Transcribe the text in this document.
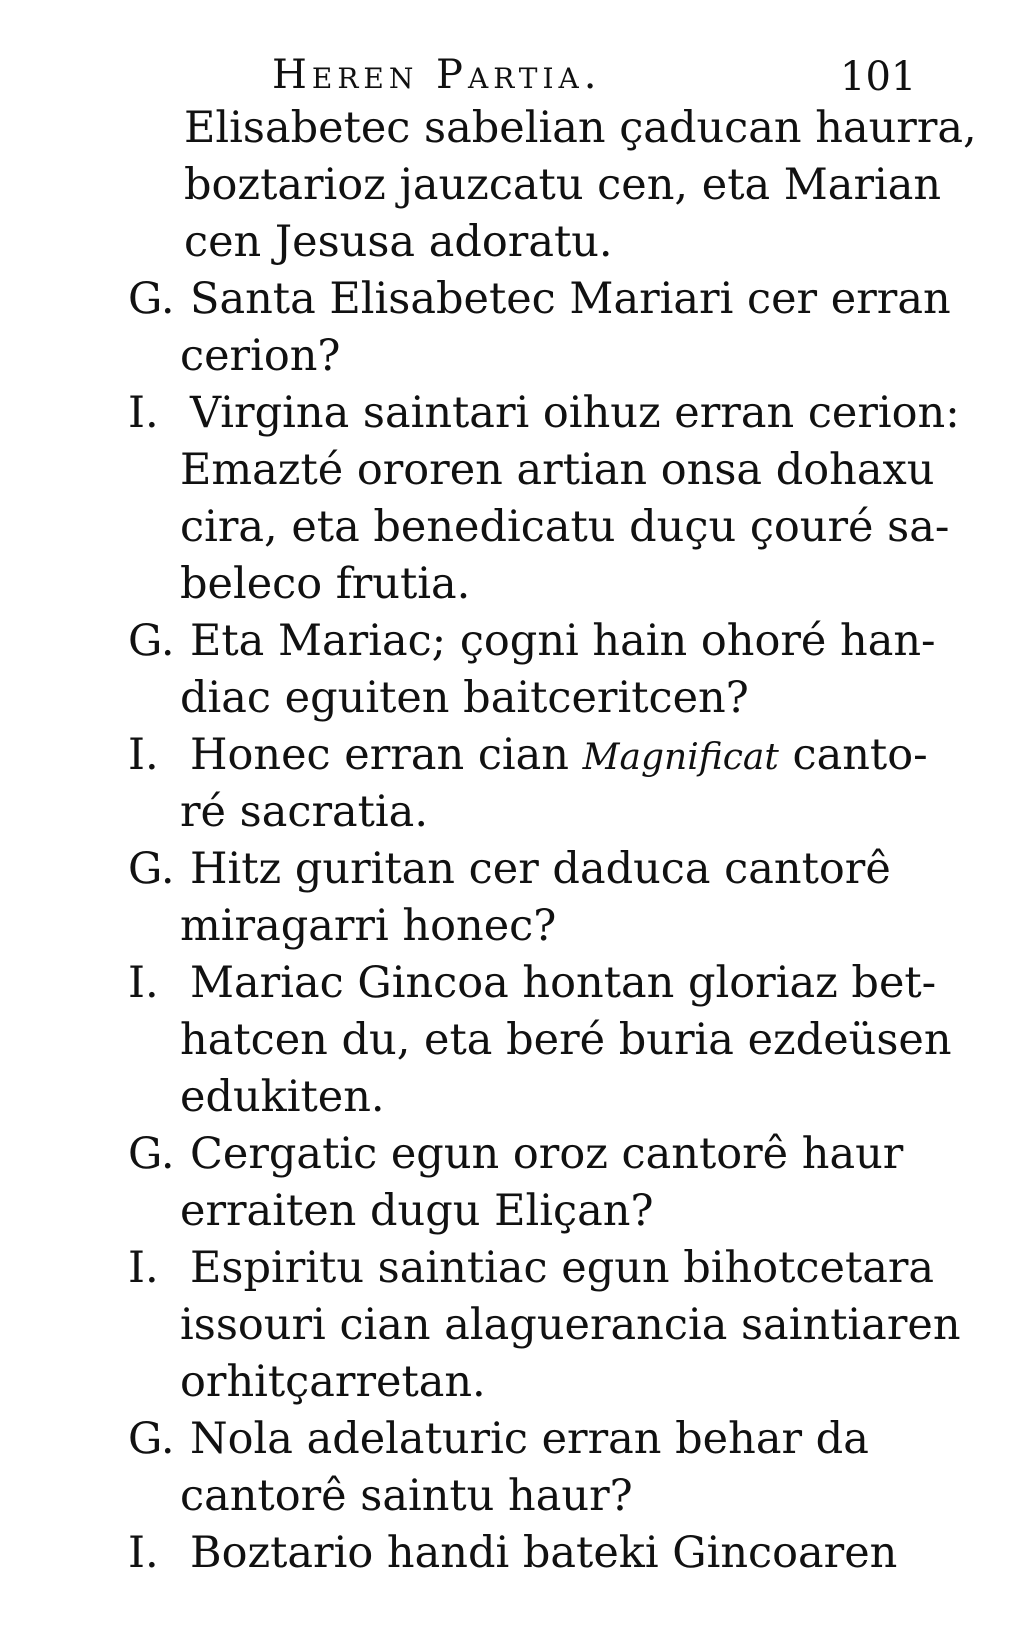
Heren Partia.	101
Elisabetec sabelian çaducan haurra,
boztarioz jauzcatu cen, eta Marian
cen Jesusa adoratu.
G. Santa Elisabetec Mariari cer erran
cerion?
I. Virgina saintari oihuz erran cerion:
Emazté ororen artian onsa dohaxu
cira, eta benedicatu duçu çouré sa-
beleco frutia.
G. Eta Mariac; çogni hain ohoré han-
diac eguiten baitceritcen?
I. Honec erran cian Magnificat canto-
ré sacratia.
G. Hitz guritan cer daduca cantorê
miragarri honec?
I. Mariac Gincoa hontan gloriaz bet-
hatcen du, eta beré buria ezdeüsen
edukiten.
G. Cergatic egun oroz cantorê haur
erraiten dugu Eliçan?
I. Espiritu saintiac egun bihotcetara
issouri cian alaguerancia saintiaren
orhitçarretan.
G. Nola adelaturic erran behar da
cantorê saintu haur?
I. Boztario handi bateki Gincoaren
